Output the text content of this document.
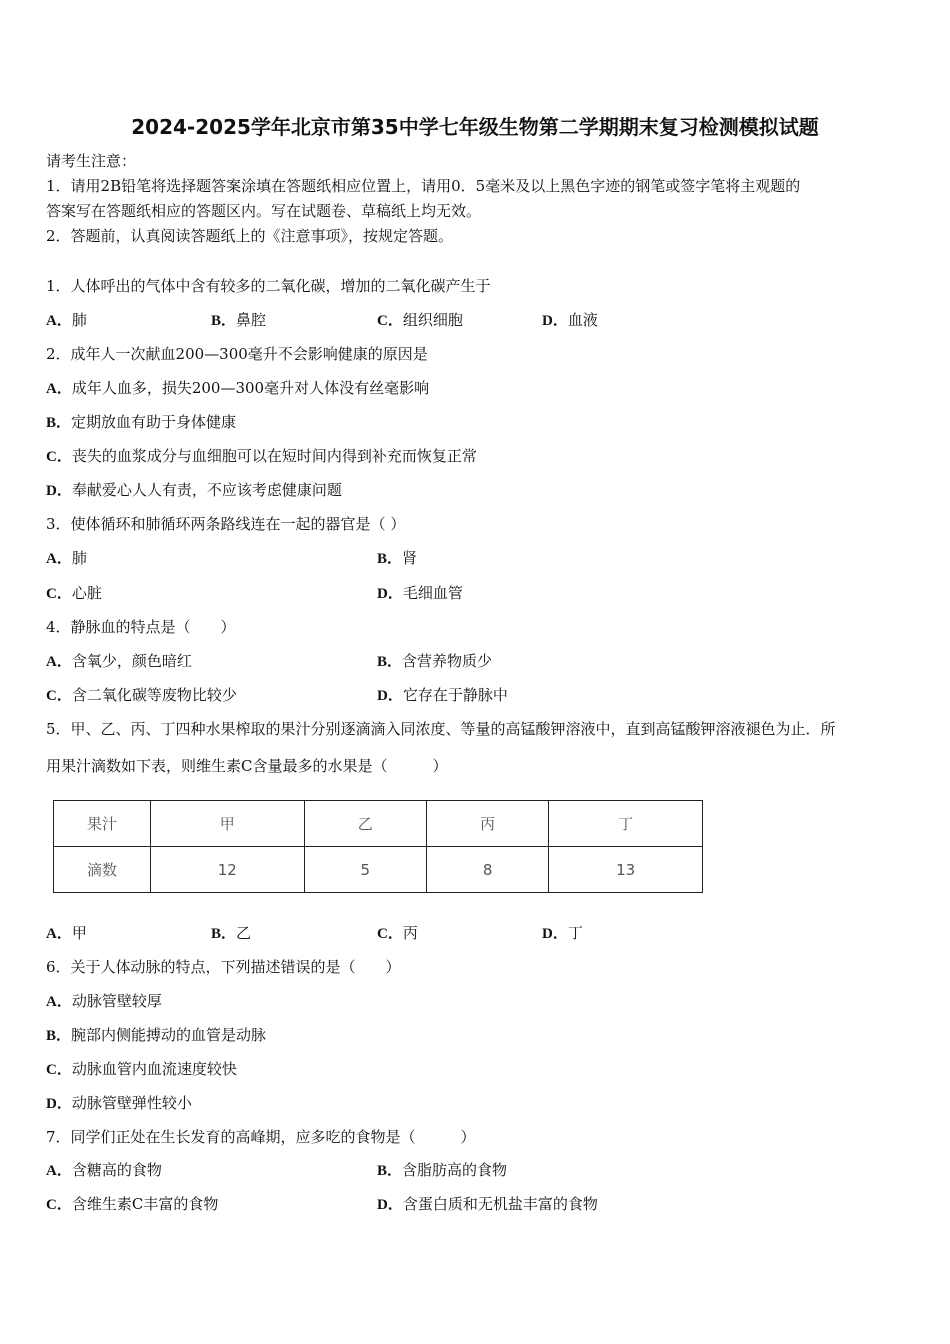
2024-2025学年北京市第35中学七年级生物第二学期期末复习检测模拟试题
请考生注意：
1．请用2B铅笔将选择题答案涂填在答题纸相应位置上，请用0．5毫米及以上黑色字迹的钢笔或签字笔将主观题的
答案写在答题纸相应的答题区内。写在试题卷、草稿纸上均无效。
2．答题前，认真阅读答题纸上的《注意事项》，按规定答题。
1．人体呼出的气体中含有较多的二氧化碳，增加的二氧化碳产生于
A．肺	B．鼻腔	C．组织细胞	D．血液
2．成年人一次献血200—300毫升不会影响健康的原因是
A．成年人血多，损失200—300毫升对人体没有丝毫影响
B．定期放血有助于身体健康
C．丧失的血浆成分与血细胞可以在短时间内得到补充而恢复正常
D．奉献爱心人人有责，不应该考虑健康问题
3．使体循环和肺循环两条路线连在一起的器官是（ ）
A．肺	B．肾
C．心脏	D．毛细血管
4．静脉血的特点是（　　）
A．含氧少，颜色暗红	B．含营养物质少
C．含二氧化碳等废物比较少	D．它存在于静脉中
5．甲、乙、丙、丁四种水果榨取的果汁分别逐滴滴入同浓度、等量的高锰酸钾溶液中，直到高锰酸钾溶液褪色为止．所
用果汁滴数如下表，则维生素C含量最多的水果是（　　　）
果汁	甲	乙	丙	丁
滴数	12	5	8	13
A．甲	B．乙	C．丙	D．丁
6．关于人体动脉的特点，下列描述错误的是（　　）
A．动脉管壁较厚
B．腕部内侧能搏动的血管是动脉
C．动脉血管内血流速度较快
D．动脉管壁弹性较小
7．同学们正处在生长发育的高峰期，应多吃的食物是（　　　）
A．含糖高的食物	B．含脂肪高的食物
C．含维生素C丰富的食物	D．含蛋白质和无机盐丰富的食物
